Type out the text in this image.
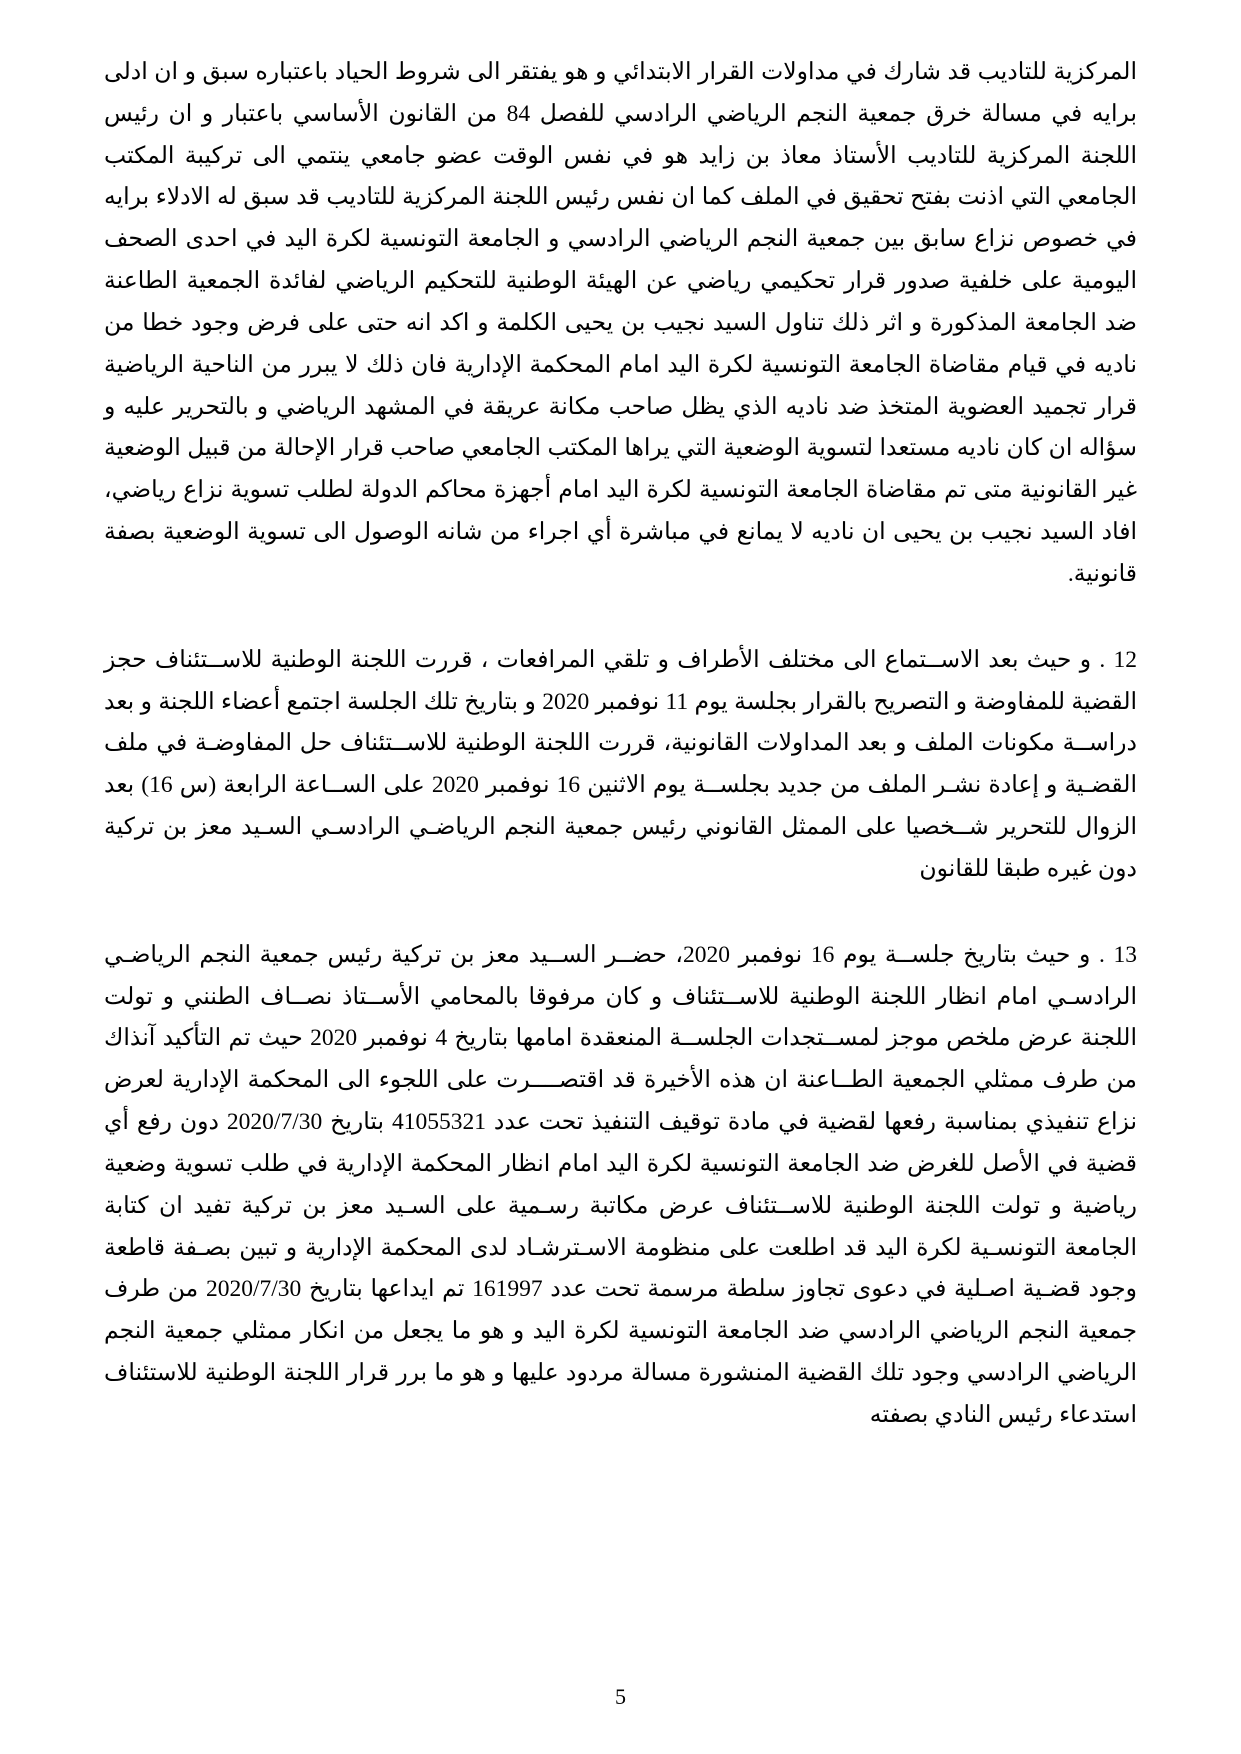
المركزية للتاديب قد شارك في مداولات القرار الابتدائي و هو يفتقر الى شروط الحياد باعتباره سبق و ان ادلى برايه في مسالة خرق جمعية النجم الرياضي الرادسي للفصل 84 من القانون الأساسي باعتبار و ان رئيس اللجنة المركزية للتاديب الأستاذ معاذ بن زايد هو في نفس الوقت عضو جامعي ينتمي الى تركيبة المكتب الجامعي التي اذنت بفتح تحقيق في الملف كما ان نفس رئيس اللجنة المركزية للتاديب قد سبق له الادلاء برايه في خصوص نزاع سابق بين جمعية النجم الرياضي الرادسي و الجامعة التونسية لكرة اليد في احدى الصحف اليومية على خلفية صدور قرار تحكيمي رياضي عن الهيئة الوطنية للتحكيم الرياضي لفائدة الجمعية الطاعنة ضد الجامعة المذكورة و اثر ذلك تناول السيد نجيب بن يحيى الكلمة و اكد انه حتى على فرض وجود خطا من ناديه في قيام مقاضاة الجامعة التونسية لكرة اليد امام المحكمة الإدارية فان ذلك لا يبرر من الناحية الرياضية قرار تجميد العضوية المتخذ ضد ناديه الذي يظل صاحب مكانة عريقة في المشهد الرياضي و بالتحرير عليه و سؤاله ان كان ناديه مستعدا لتسوية الوضعية التي يراها المكتب الجامعي صاحب قرار الإحالة من قبيل الوضعية غير القانونية متى تم مقاضاة الجامعة التونسية لكرة اليد امام أجهزة محاكم الدولة لطلب تسوية نزاع رياضي، افاد السيد نجيب بن يحيى ان ناديه لا يمانع في مباشرة أي اجراء من شانه الوصول الى تسوية الوضعية بصفة قانونية.

12 . و حيث بعد الاســتماع الى مختلف الأطراف و تلقي المرافعات ، قررت اللجنة الوطنية للاســتئناف حجز القضية للمفاوضة و التصريح بالقرار بجلسة يوم 11 نوفمبر 2020 و بتاريخ تلك الجلسة اجتمع أعضاء اللجنة و بعد دراســة مكونات الملف و بعد المداولات القانونية، قررت اللجنة الوطنية للاســتئناف حل المفاوضـة في ملف القضـية و إعادة نشـر الملف من جديد بجلســة يوم الاثنين 16 نوفمبر 2020 على الســاعة الرابعة (س 16) بعد الزوال للتحرير شــخصيا على الممثل القانوني رئيس جمعية النجم الرياضـي الرادسـي السـيد معز بن تركية دون غيره طبقا للقانون

13 . و حيث بتاريخ جلســة يوم 16 نوفمبر 2020، حضــر الســيد معز بن تركية رئيس جمعية النجم الرياضـي الرادسـي امام انظار اللجنة الوطنية للاســتئناف و كان مرفوقا بالمحامي الأســتاذ نصــاف الطنني و تولت اللجنة عرض ملخص موجز لمســتجدات الجلســة المنعقدة امامها بتاريخ 4 نوفمبر 2020 حيث تم التأكيد آنذاك من طرف ممثلي الجمعية الطــاعنة ان هذه الأخيرة قد اقتصــــرت على اللجوء الى المحكمة الإدارية لعرض نزاع تنفيذي بمناسبة رفعها لقضية في مادة توقيف التنفيذ تحت عدد 41055321 بتاريخ 2020/7/30 دون رفع أي قضية في الأصل للغرض ضد الجامعة التونسية لكرة اليد امام انظار المحكمة الإدارية في طلب تسوية وضعية رياضية و تولت اللجنة الوطنية للاســتئناف عرض مكاتبة رسـمية على السـيد معز بن تركية تفيد ان كتابة الجامعة التونسـية لكرة اليد قد اطلعت على منظومة الاسـترشـاد لدى المحكمة الإدارية و تبين بصـفة قاطعة وجود قضـية اصـلية في دعوى تجاوز سلطة مرسمة تحت عدد 161997 تم ايداعها بتاريخ 2020/7/30 من طرف جمعية النجم الرياضي الرادسي ضد الجامعة التونسية لكرة اليد و هو ما يجعل من انكار ممثلي جمعية النجم الرياضي الرادسي وجود تلك القضية المنشورة مسالة مردود عليها و هو ما برر قرار اللجنة الوطنية للاستئناف استدعاء رئيس النادي بصفته

5
